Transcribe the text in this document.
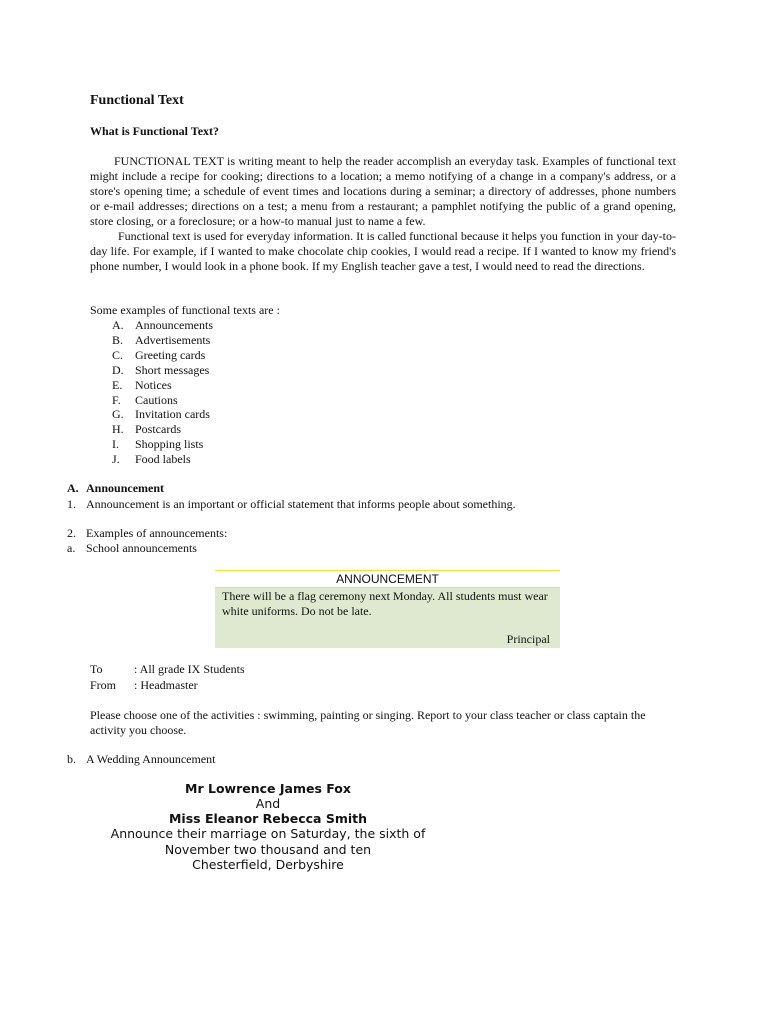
Functional Text
What is Functional Text?
FUNCTIONAL TEXT is writing meant to help the reader accomplish an everyday task. Examples of functional text might include a recipe for cooking; directions to a location; a memo notifying of a change in a company's address, or a store's opening time; a schedule of event times and locations during a seminar; a directory of addresses, phone numbers or e-mail addresses; directions on a test; a menu from a restaurant; a pamphlet notifying the public of a grand opening, store closing, or a foreclosure; or a how-to manual just to name a few.
Functional text is used for everyday information. It is called functional because it helps you function in your day-to-day life. For example, if I wanted to make chocolate chip cookies, I would read a recipe. If I wanted to know my friend's phone number, I would look in a phone book. If my English teacher gave a test, I would need to read the directions.
Some examples of functional texts are :
A. Announcements
B. Advertisements
C. Greeting cards
D. Short messages
E. Notices
F. Cautions
G. Invitation cards
H. Postcards
I. Shopping lists
J. Food labels
A. Announcement
1. Announcement is an important or official statement that informs people about something.
2. Examples of announcements:
a. School announcements
ANNOUNCEMENT
There will be a flag ceremony next Monday. All students must wear white uniforms. Do not be late.
Principal
To	: All grade IX Students
From : Headmaster
Please choose one of the activities : swimming, painting or singing. Report to your class teacher or class captain the activity you choose.
b. A Wedding Announcement
Mr Lowrence James Fox
And
Miss Eleanor Rebecca Smith
Announce their marriage on Saturday, the sixth of
November two thousand and ten
Chesterfield, Derbyshire
